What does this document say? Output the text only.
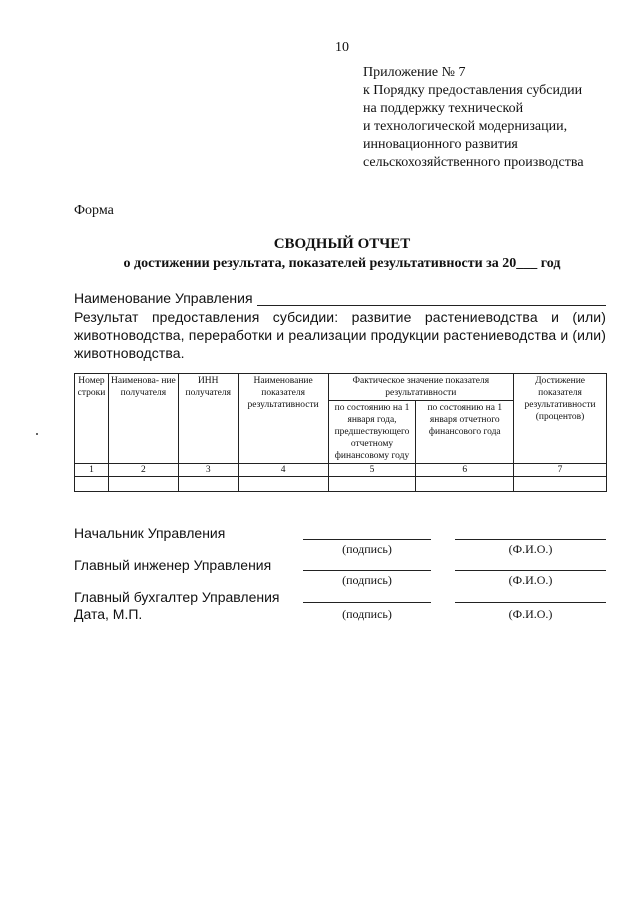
10
Приложение № 7
к Порядку предоставления субсидии
на поддержку технической
и технологической модернизации,
инновационного развития
сельскохозяйственного производства
Форма
СВОДНЫЙ ОТЧЕТ
о достижении результата, показателей результативности за 20___ год
Наименование Управления
Результат предоставления субсидии: развитие растениеводства и (или) животноводства, переработки и реализации продукции растениеводства и (или) животноводства.
Номер строки	Наименова- ние получателя	ИНН получателя	Наименование показателя результативности	Фактическое значение показателя результативности		Достижение показателя результативности (процентов)
				по состоянию на 1 января года, предшествующего отчетному финансовому году	по состоянию на 1 января отчетного финансового года	
1	2	3	4	5	6	7

Начальник Управления
(подпись)	(Ф.И.О.)
Главный инженер Управления
(подпись)	(Ф.И.О.)
Главный бухгалтер Управления
Дата, М.П.	(подпись)	(Ф.И.О.)
